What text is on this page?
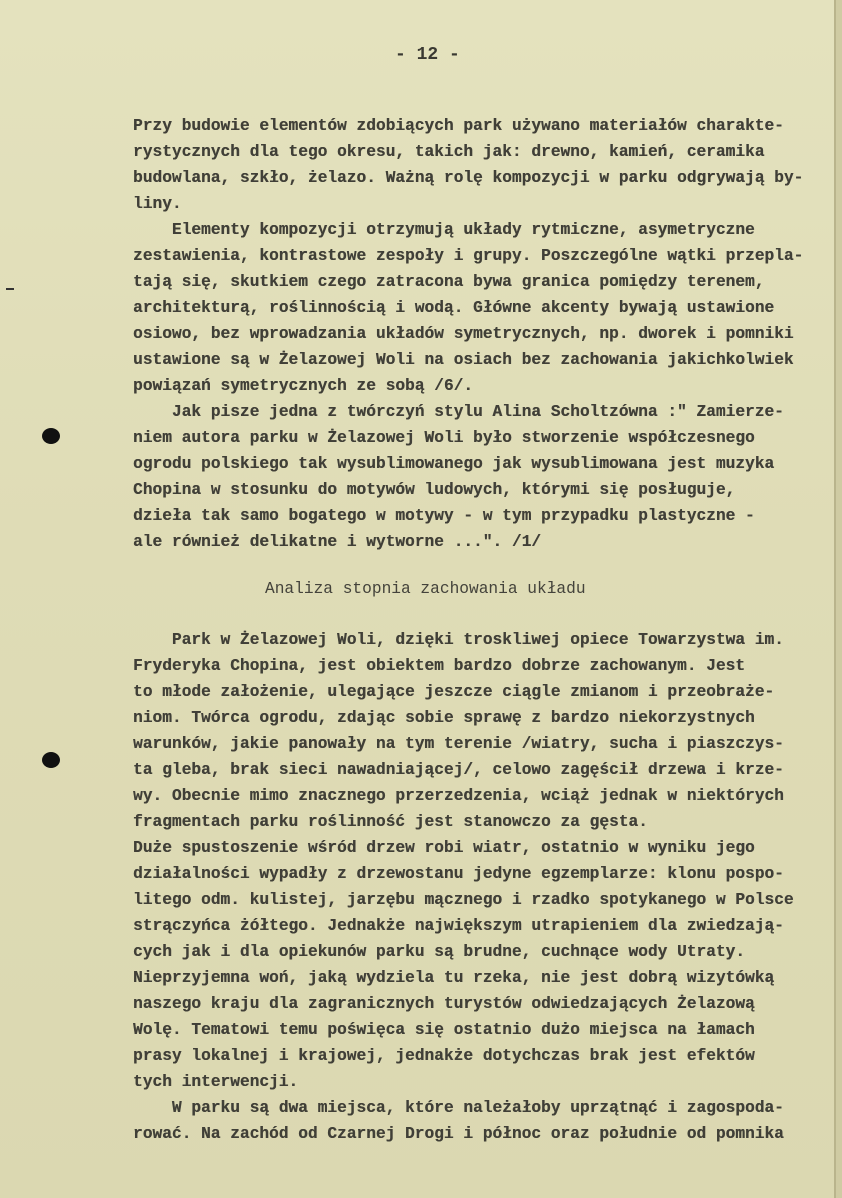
- 12 -
Przy budowie elementów zdobiących park używano materiałów charakte-
rystycznych dla tego okresu, takich jak: drewno, kamień, ceramika
budowlana, szkło, żelazo. Ważną rolę kompozycji w parku odgrywają by-
liny.
Elementy kompozycji otrzymują układy rytmiczne, asymetryczne
zestawienia, kontrastowe zespoły i grupy. Poszczególne wątki przepla-
tają się, skutkiem czego zatracona bywa granica pomiędzy terenem,
architekturą, roślinnością i wodą. Główne akcenty bywają ustawione
osiowo, bez wprowadzania układów symetrycznych, np. dworek i pomniki
ustawione są w Żelazowej Woli na osiach bez zachowania jakichkolwiek
powiązań symetrycznych ze sobą /6/.
Jak pisze jedna z twórczyń stylu Alina Scholtzówna :" Zamierze-
niem autora parku w Żelazowej Woli było stworzenie współczesnego
ogrodu polskiego tak wysublimowanego jak wysublimowana jest muzyka
Chopina w stosunku do motywów ludowych, którymi się posługuje,
dzieła tak samo bogatego w motywy - w tym przypadku plastyczne -
ale również delikatne i wytworne ...". /1/
Analiza stopnia zachowania układu
Park w Żelazowej Woli, dzięki troskliwej opiece Towarzystwa im.
Fryderyka Chopina, jest obiektem bardzo dobrze zachowanym. Jest
to młode założenie, ulegające jeszcze ciągle zmianom i przeobraże-
niom. Twórca ogrodu, zdając sobie sprawę z bardzo niekorzystnych
warunków, jakie panowały na tym terenie /wiatry, sucha i piaszczys-
ta gleba, brak sieci nawadniającej/, celowo zagęścił drzewa i krze-
wy. Obecnie mimo znacznego przerzedzenia, wciąż jednak w niektórych
fragmentach parku roślinność jest stanowczo za gęsta.
Duże spustoszenie wśród drzew robi wiatr, ostatnio w wyniku jego
działalności wypadły z drzewostanu jedyne egzemplarze: klonu pospo-
litego odm. kulistej, jarzębu mącznego i rzadko spotykanego w Polsce
strączyńca żółtego. Jednakże największym utrapieniem dla zwiedzają-
cych jak i dla opiekunów parku są brudne, cuchnące wody Utraty.
Nieprzyjemna woń, jaką wydziela tu rzeka, nie jest dobrą wizytówką
naszego kraju dla zagranicznych turystów odwiedzających Żelazową
Wolę. Tematowi temu poświęca się ostatnio dużo miejsca na łamach
prasy lokalnej i krajowej, jednakże dotychczas brak jest efektów
tych interwencji.
W parku są dwa miejsca, które należałoby uprzątnąć i zagospoda-
rować. Na zachód od Czarnej Drogi i północ oraz południe od pomnika
